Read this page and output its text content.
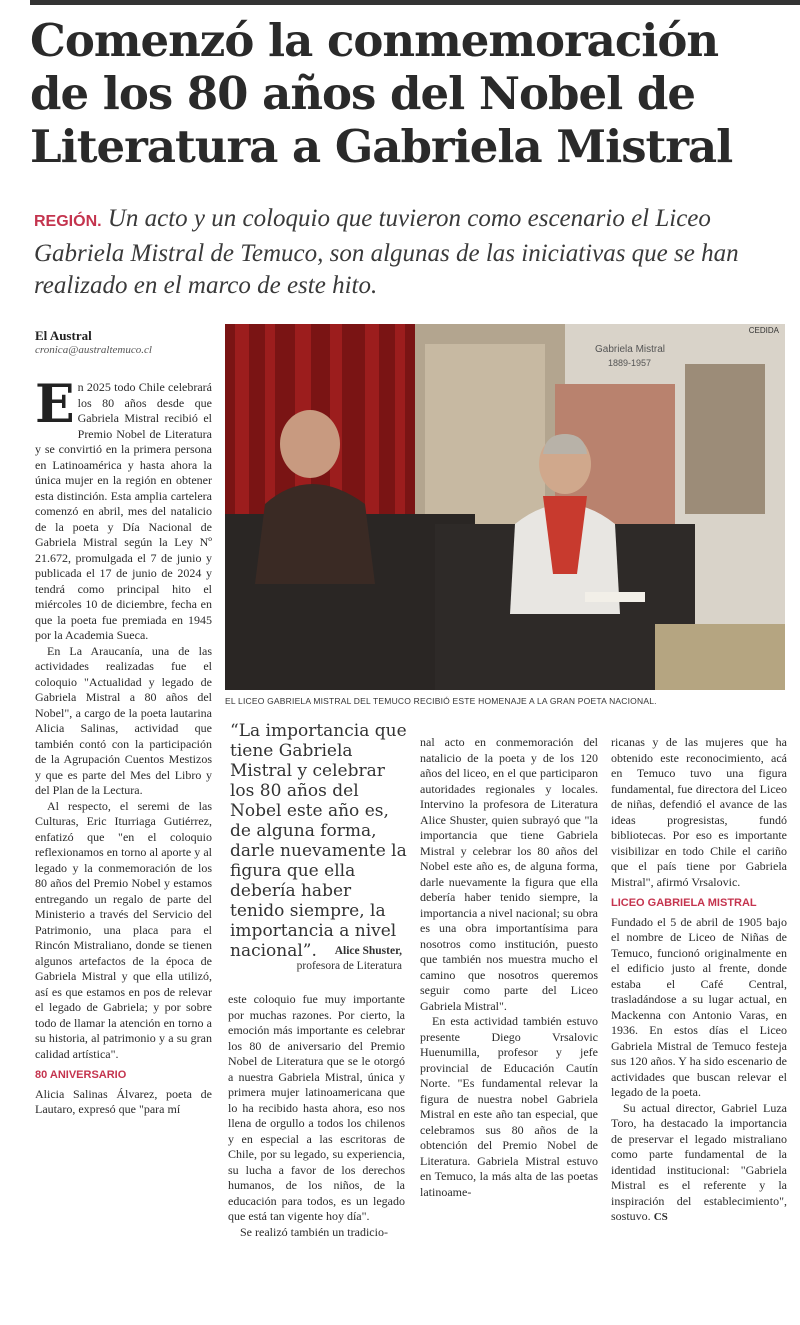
Comenzó la conmemoración de los 80 años del Nobel de Literatura a Gabriela Mistral

REGIÓN. Un acto y un coloquio que tuvieron como escenario el Liceo Gabriela Mistral de Temuco, son algunas de las iniciativas que se han realizado en el marco de este hito.

El Austral
cronica@australtemuco.cl	Gabriela Mistral
1889-1957
CEDIDA
EL LICEO GABRIELA MISTRAL DEL TEMUCO RECIBIÓ ESTE HOMENAJE A LA GRAN POETA NACIONAL.

En 2025 todo Chile celebrará los 80 años desde que Gabriela Mistral recibió el Premio Nobel de Literatura y se convirtió en la primera persona en Latinoamérica y hasta ahora la única mujer en la región en obtener esta distinción. Esta amplia cartelera comenzó en abril, mes del natalicio de la poeta y Día Nacional de Gabriela Mistral según la Ley Nº 21.672, promulgada el 7 de junio y publicada el 17 de junio de 2024 y tendrá como principal hito el miércoles 10 de diciembre, fecha en que la poeta fue premiada en 1945 por la Academia Sueca.

En La Araucanía, una de las actividades realizadas fue el coloquio "Actualidad y legado de Gabriela Mistral a 80 años del Nobel", a cargo de la poeta lautarina Alicia Salinas, actividad que también contó con la participación de la Agrupación Cuentos Mestizos y que es parte del Mes del Libro y del Plan de la Lectura.

Al respecto, el seremi de las Culturas, Eric Iturriaga Gutiérrez, enfatizó que "en el coloquio reflexionamos en torno al aporte y al legado y la conmemoración de los 80 años del Premio Nobel y estamos entregando un regalo de parte del Ministerio a través del Servicio del Patrimonio, una placa para el Rincón Mistraliano, donde se tienen algunos artefactos de la época de Gabriela Mistral y que ella utilizó, así es que estamos en pos de relevar el legado de Gabriela; y por sobre todo de llamar la atención en torno a su historia, al patrimonio y a su gran calidad artística".

80 ANIVERSARIO

Alicia Salinas Álvarez, poeta de Lautaro, expresó que "para mí

“La importancia que tiene Gabriela Mistral y celebrar los 80 años del Nobel este año es, de alguna forma, darle nuevamente la figura que ella debería haber tenido siempre, la importancia a nivel nacional”.	Alice Shuster,
profesora de Literatura

este coloquio fue muy importante por muchas razones. Por cierto, la emoción más importante es celebrar los 80 de aniversario del Premio Nobel de Literatura que se le otorgó a nuestra Gabriela Mistral, única y primera mujer latinoamericana que lo ha recibido hasta ahora, eso nos llena de orgullo a todos los chilenos y en especial a las escritoras de Chile, por su legado, su experiencia, su lucha a favor de los derechos humanos, de los niños, de la educación para todos, es un legado que está tan vigente hoy día".

Se realizó también un tradicio-

nal acto en conmemoración del natalicio de la poeta y de los 120 años del liceo, en el que participaron autoridades regionales y locales. Intervino la profesora de Literatura Alice Shuster, quien subrayó que "la importancia que tiene Gabriela Mistral y celebrar los 80 años del Nobel este año es, de alguna forma, darle nuevamente la figura que ella debería haber tenido siempre, la importancia a nivel nacional; su obra es una obra importantísima para nosotros como institución, puesto que también nos muestra mucho el camino que nosotros queremos seguir como parte del Liceo Gabriela Mistral".

En esta actividad también estuvo presente Diego Vrsalovic Huenumilla, profesor y jefe provincial de Educación Cautín Norte. "Es fundamental relevar la figura de nuestra nobel Gabriela Mistral en este año tan especial, que celebramos sus 80 años de la obtención del Premio Nobel de Literatura. Gabriela Mistral estuvo en Temuco, la más alta de las poetas latinoame-

ricanas y de las mujeres que ha obtenido este reconocimiento, acá en Temuco tuvo una figura fundamental, fue directora del Liceo de niñas, defendió el avance de las ideas progresistas, fundó bibliotecas. Por eso es importante visibilizar en todo Chile el cariño que el país tiene por Gabriela Mistral", afirmó Vrsalovic.

LICEO GABRIELA MISTRAL

Fundado el 5 de abril de 1905 bajo el nombre de Liceo de Niñas de Temuco, funcionó originalmente en el edificio justo al frente, donde estaba el Café Central, trasladándose a su lugar actual, en Mackenna con Antonio Varas, en 1936. En estos días el Liceo Gabriela Mistral de Temuco festeja sus 120 años. Y ha sido escenario de actividades que buscan relevar el legado de la poeta.

Su actual director, Gabriel Luza Toro, ha destacado la importancia de preservar el legado mistraliano como parte fundamental de la identidad institucional: "Gabriela Mistral es el referente y la inspiración del establecimiento", sostuvo. CS
